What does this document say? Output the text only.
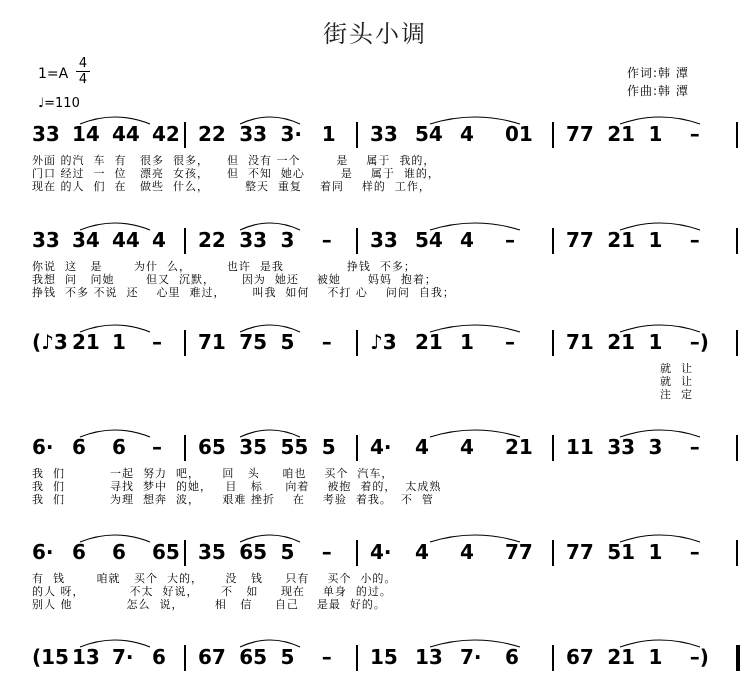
街头小调
1=A
4
4
♩=110
作词:韩 潭
作曲:韩 潭
33 14 44 42 22 33 3· 1 33 54 4 01 77 21 1 –
外面 的汽  车  有   很多  很多，    但  没有 一个        是    属于  我的，
门口 经过  一  位   漂亮  女孩，    但  不知  她心        是    属于  谁的，
现在 的人  们  在   做些  什么，        整天  重复    着同    样的  工作，
33 34 44 4 22 33 3 – 33 54 4 –	77 21 1 –
你说  这   是       为什  么，        也许  是我              挣钱  不多；
我想  问   问她       但又  沉默，      因为  她还    被她      妈妈  抱着；
挣钱  不多 不说  还    心里  难过，      叫我  如何    不打 心    问问  自我；
(♪3 21 1 – 71 75 5 – ♪3 21 1 –	71 21 1 –)
就  让
就  让
注  定
6· 6 6 – 65 35 55 5 4· 4 4 21 11 33 3 –
我  们          一起  努力  吧，     回   头     咱也    买个  汽车，
我  们          寻找  梦中  的她，   目   标     向着    被抱  着的，  太成熟
我  们          为理  想奔  波，     艰难 挫折    在    考验  着我。  不  管
6· 6 6 65 35 65 5 – 4· 4 4 77 77 51 1 –
有  钱       咱就   买个  大的，     没   钱     只有    买个  小的。
的人 呀，          不太  好说，     不   如     现在    单身  的过。
别人 他            怎么  说，       相   信     自己    是最  好的。
(15 13 7· 6 67 65 5 – 15 13 7· 6 67 21 1 –)
